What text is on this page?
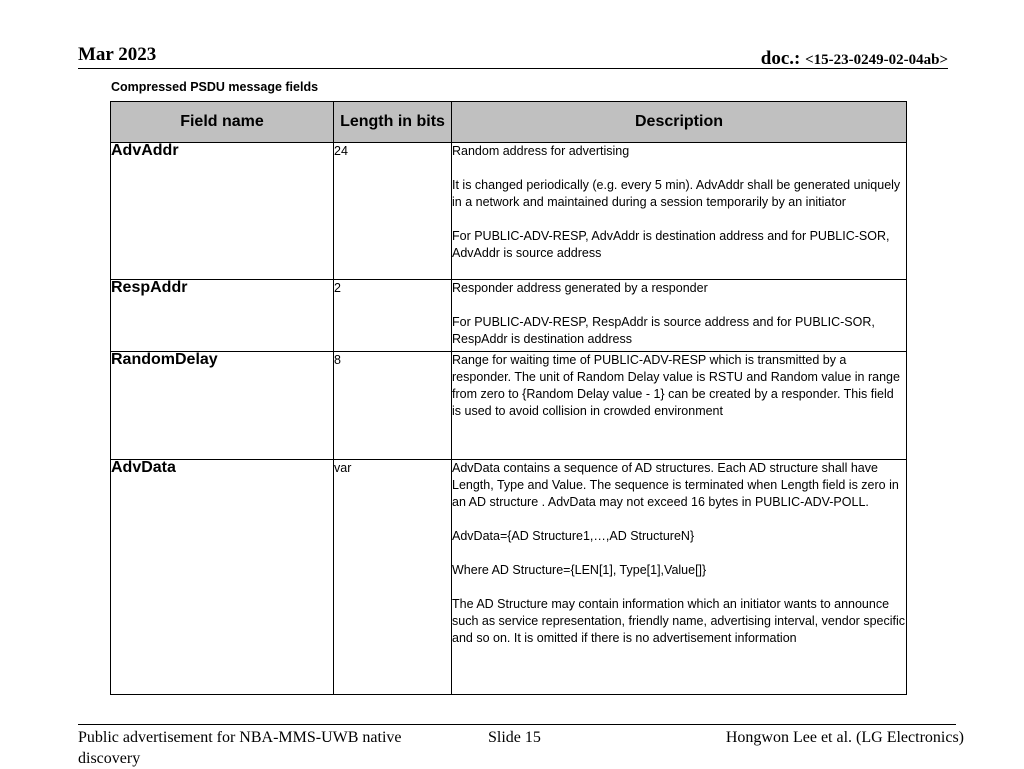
Mar 2023	doc.: <15-23-0249-02-04ab>
Compressed PSDU message fields
Field name	Length in bits	Description
AdvAddr	24	Random address for advertising

It is changed periodically (e.g. every 5 min). AdvAddr shall be generated uniquely in a network and maintained during a session temporarily by an initiator

For PUBLIC-ADV-RESP, AdvAddr is destination address and for PUBLIC-SOR, AdvAddr is source address

RespAddr	2	Responder address generated by a responder

For PUBLIC-ADV-RESP, RespAddr is source address and for PUBLIC-SOR, RespAddr is destination address

RandomDelay	8	Range for waiting time of PUBLIC-ADV-RESP which is transmitted by a responder. The unit of Random Delay value is RSTU and Random value in range from zero to {Random Delay value - 1} can be created by a responder. This field is used to avoid collision in crowded environment

AdvData	var	AdvData contains a sequence of AD structures. Each AD structure shall have Length, Type and Value. The sequence is terminated when Length field is zero in an AD structure . AdvData may not exceed 16 bytes in PUBLIC-ADV-POLL.

AdvData={AD Structure1,…,AD StructureN}

Where AD Structure={LEN[1], Type[1],Value[]}

The AD Structure may contain information which an initiator wants to announce such as service representation, friendly name, advertising interval, vendor specific and so on. It is omitted if there is no advertisement information

Public advertisement for NBA-MMS-UWB native discovery
Slide 15	Hongwon Lee et al. (LG Electronics)
